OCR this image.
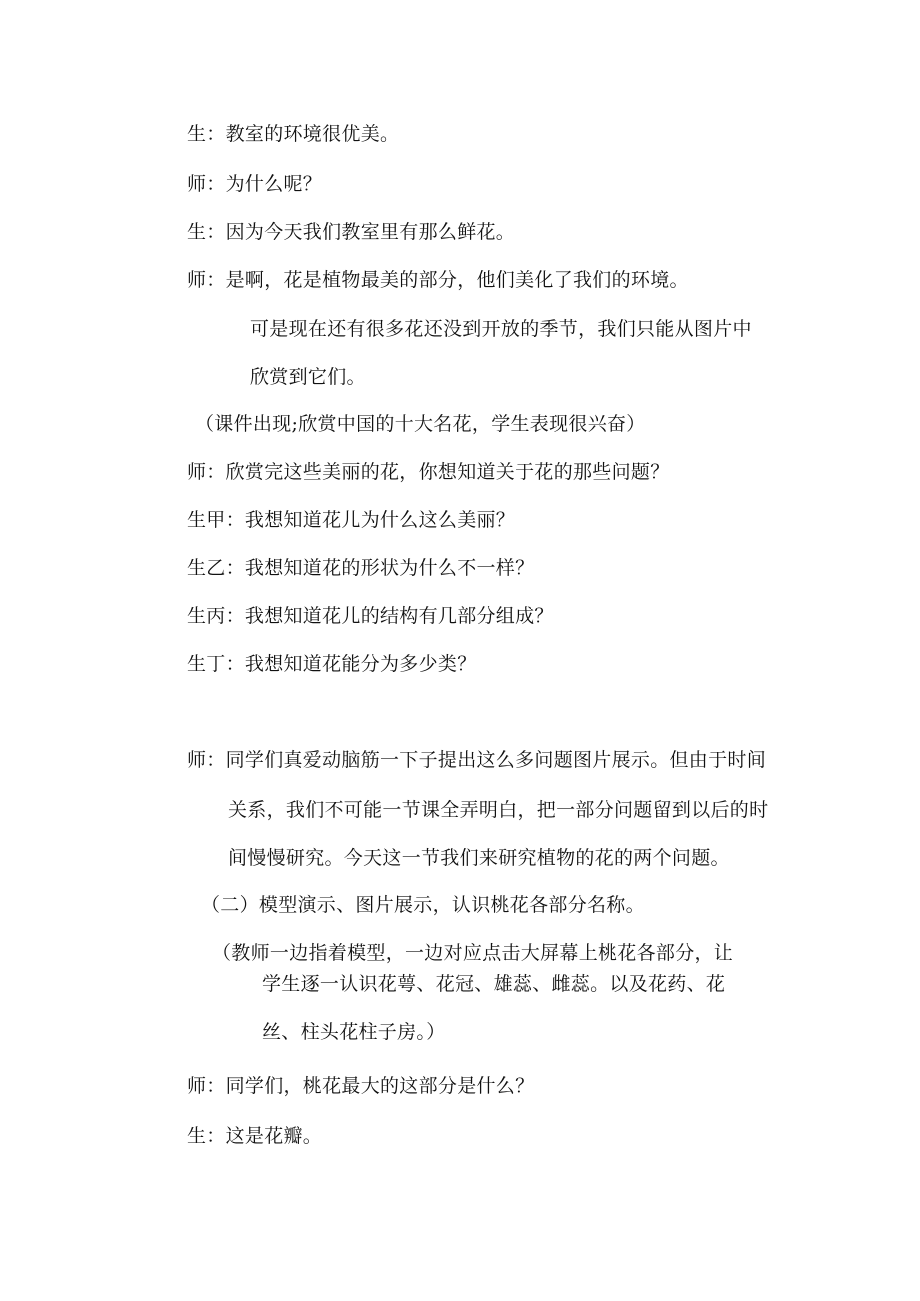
生：教室的环境很优美。
师：为什么呢？
生：因为今天我们教室里有那么鲜花。
师：是啊，花是植物最美的部分，他们美化了我们的环境。
可是现在还有很多花还没到开放的季节，我们只能从图片中
欣赏到它们。
（课件出现;欣赏中国的十大名花，学生表现很兴奋）
师：欣赏完这些美丽的花，你想知道关于花的那些问题？
生甲：我想知道花儿为什么这么美丽？
生乙：我想知道花的形状为什么不一样？
生丙：我想知道花儿的结构有几部分组成？
生丁：我想知道花能分为多少类？
师：同学们真爱动脑筋一下子提出这么多问题图片展示。但由于时间
关系，我们不可能一节课全弄明白，把一部分问题留到以后的时
间慢慢研究。今天这一节我们来研究植物的花的两个问题。
（二）模型演示、图片展示，认识桃花各部分名称。
（教师一边指着模型，一边对应点击大屏幕上桃花各部分，让
学生逐一认识花萼、花冠、雄蕊、雌蕊。以及花药、花
丝、柱头花柱子房。）
师：同学们，桃花最大的这部分是什么？
生：这是花瓣。
